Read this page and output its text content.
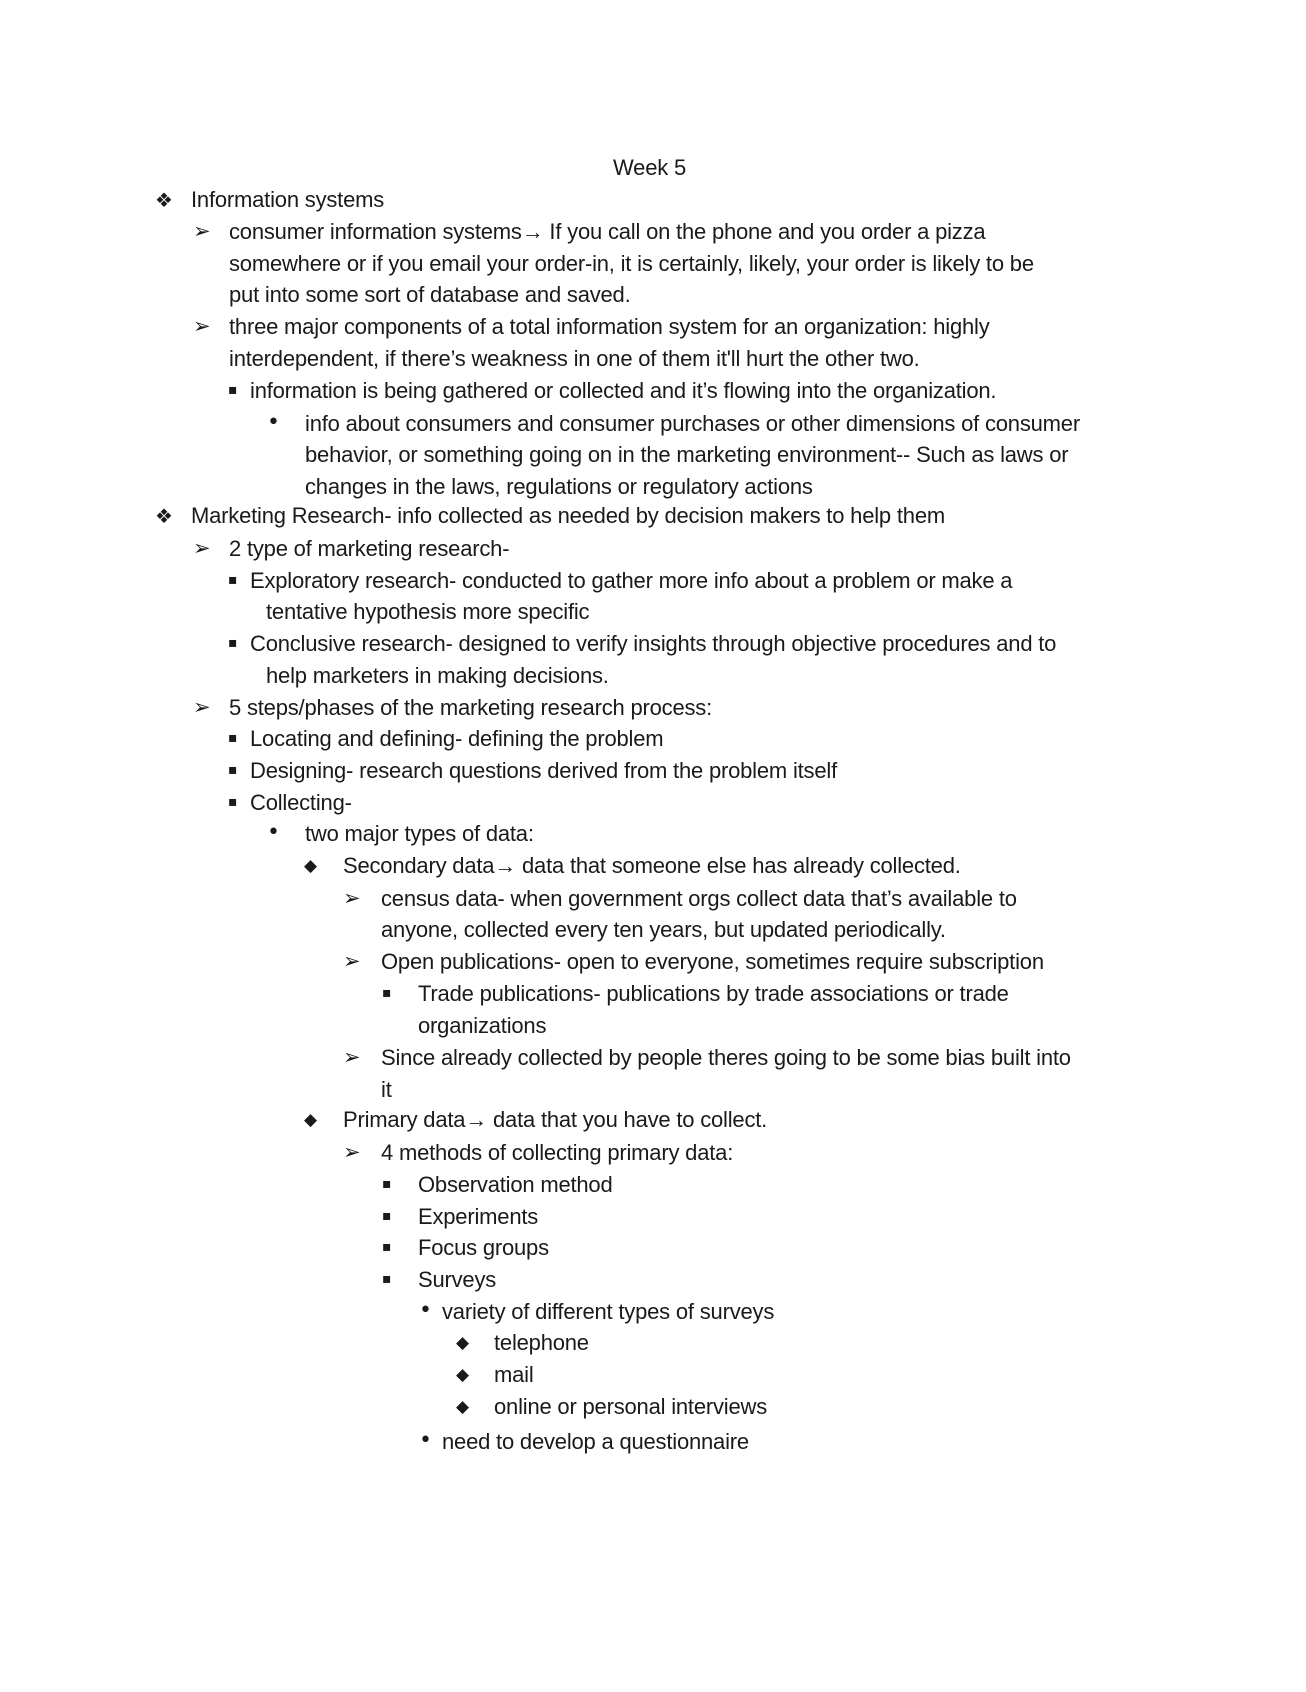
Week 5
❖ Information systems
➢ consumer information systems→ If you call on the phone and you order a pizza
somewhere or if you email your order-in, it is certainly, likely, your order is likely to be
put into some sort of database and saved.
➢ three major components of a total information system for an organization: highly
interdependent, if there’s weakness in one of them it'll hurt the other two.
▪ information is being gathered or collected and it’s flowing into the organization.
• info about consumers and consumer purchases or other dimensions of consumer
behavior, or something going on in the marketing environment-- Such as laws or
changes in the laws, regulations or regulatory actions
❖ Marketing Research- info collected as needed by decision makers to help them
➢ 2 type of marketing research-
▪ Exploratory research- conducted to gather more info about a problem or make a
tentative hypothesis more specific
▪ Conclusive research- designed to verify insights through objective procedures and to
help marketers in making decisions.
➢ 5 steps/phases of the marketing research process:
▪ Locating and defining- defining the problem
▪ Designing- research questions derived from the problem itself
▪ Collecting-
• two major types of data:
◆ Secondary data→ data that someone else has already collected.
➢ census data- when government orgs collect data that’s available to
anyone, collected every ten years, but updated periodically.
➢ Open publications- open to everyone, sometimes require subscription
▪ Trade publications- publications by trade associations or trade
organizations
➢ Since already collected by people theres going to be some bias built into
it
◆ Primary data→ data that you have to collect.
➢ 4 methods of collecting primary data:
▪ Observation method
▪ Experiments
▪ Focus groups
▪ Surveys
• variety of different types of surveys
◆ telephone
◆ mail
◆ online or personal interviews
• need to develop a questionnaire
